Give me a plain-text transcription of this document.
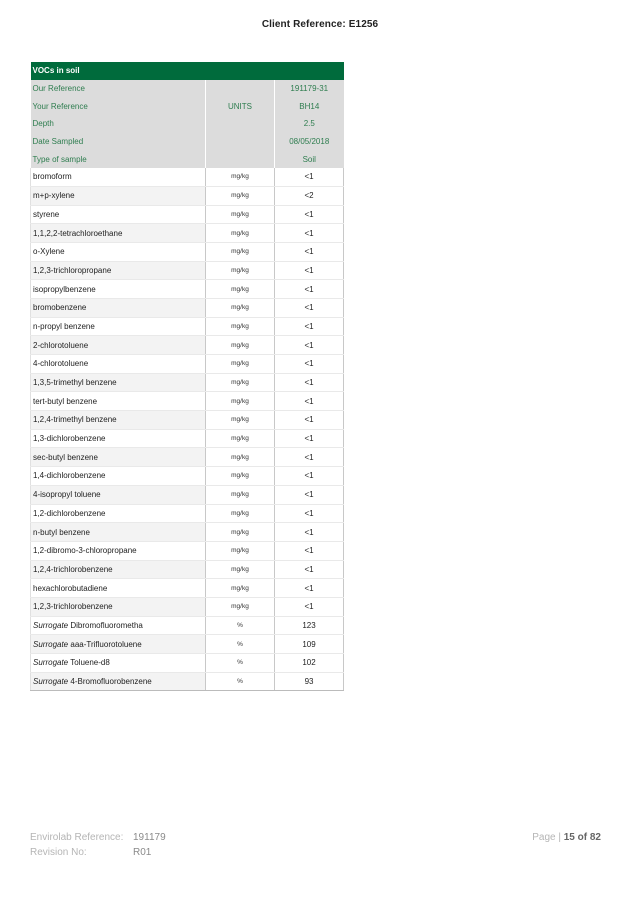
Client Reference: E1256
VOCs in soil		
Our Reference		191179-31
Your Reference	UNITS	BH14
Depth		2.5
Date Sampled		08/05/2018
Type of sample		Soil
bromoform	mg/kg	<1
m+p-xylene	mg/kg	<2
styrene	mg/kg	<1
1,1,2,2-tetrachloroethane	mg/kg	<1
o-Xylene	mg/kg	<1
1,2,3-trichloropropane	mg/kg	<1
isopropylbenzene	mg/kg	<1
bromobenzene	mg/kg	<1
n-propyl benzene	mg/kg	<1
2-chlorotoluene	mg/kg	<1
4-chlorotoluene	mg/kg	<1
1,3,5-trimethyl benzene	mg/kg	<1
tert-butyl benzene	mg/kg	<1
1,2,4-trimethyl benzene	mg/kg	<1
1,3-dichlorobenzene	mg/kg	<1
sec-butyl benzene	mg/kg	<1
1,4-dichlorobenzene	mg/kg	<1
4-isopropyl toluene	mg/kg	<1
1,2-dichlorobenzene	mg/kg	<1
n-butyl benzene	mg/kg	<1
1,2-dibromo-3-chloropropane	mg/kg	<1
1,2,4-trichlorobenzene	mg/kg	<1
hexachlorobutadiene	mg/kg	<1
1,2,3-trichlorobenzene	mg/kg	<1
Surrogate Dibromofluorometha	%	123
Surrogate aaa-Trifluorotoluene	%	109
Surrogate Toluene-d8	%	102
Surrogate 4-Bromofluorobenzene	%	93
Envirolab Reference: 191179
Revision No:	R01
Page | 15 of 82
